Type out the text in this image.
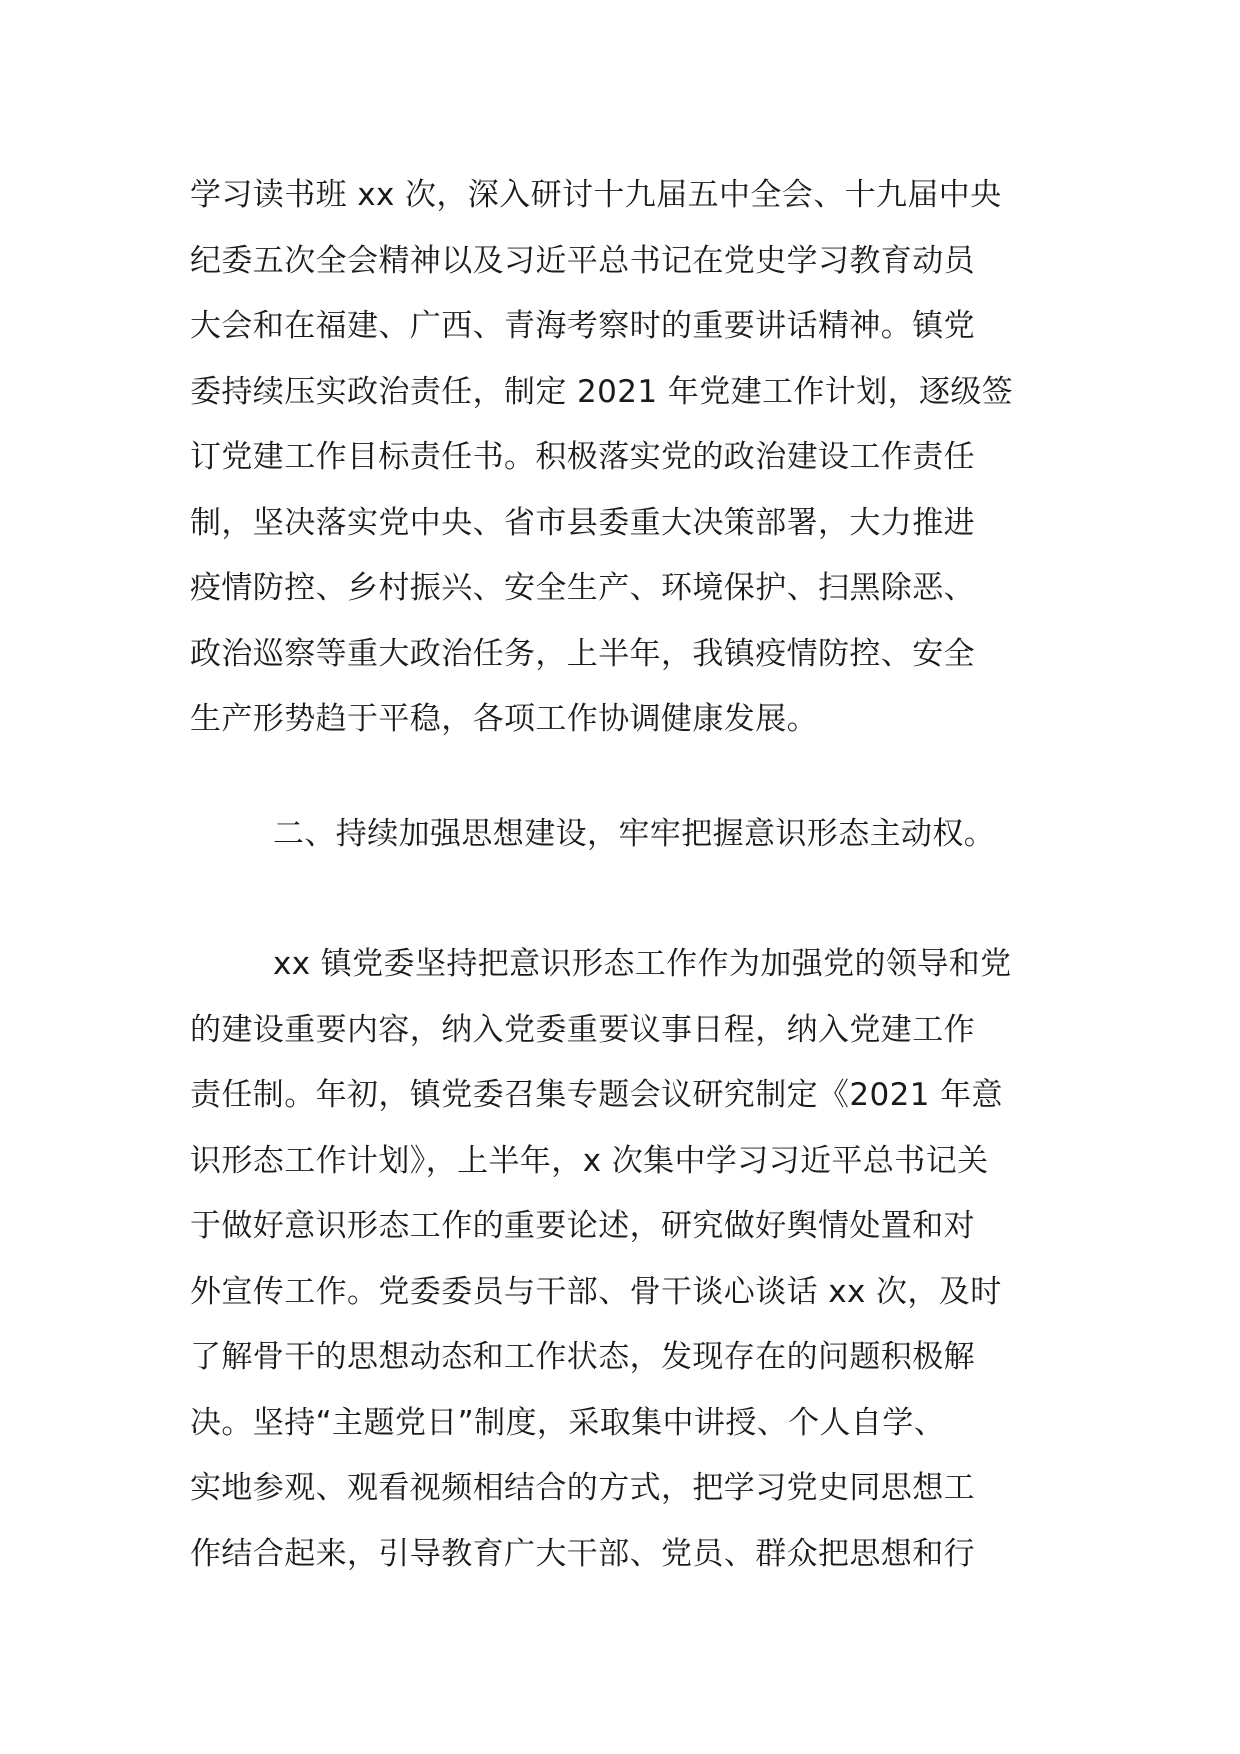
学习读书班 xx 次，深入研讨十九届五中全会、十九届中央
纪委五次全会精神以及习近平总书记在党史学习教育动员
大会和在福建、广西、青海考察时的重要讲话精神。镇党
委持续压实政治责任，制定 2021 年党建工作计划，逐级签
订党建工作目标责任书。积极落实党的政治建设工作责任
制，坚决落实党中央、省市县委重大决策部署，大力推进
疫情防控、乡村振兴、安全生产、环境保护、扫黑除恶、
政治巡察等重大政治任务，上半年，我镇疫情防控、安全
生产形势趋于平稳，各项工作协调健康发展。
二、持续加强思想建设，牢牢把握意识形态主动权。
xx 镇党委坚持把意识形态工作作为加强党的领导和党
的建设重要内容，纳入党委重要议事日程，纳入党建工作
责任制。年初，镇党委召集专题会议研究制定《2021 年意
识形态工作计划》，上半年，x 次集中学习习近平总书记关
于做好意识形态工作的重要论述，研究做好舆情处置和对
外宣传工作。党委委员与干部、骨干谈心谈话 xx 次，及时
了解骨干的思想动态和工作状态，发现存在的问题积极解
决。坚持“主题党日”制度，采取集中讲授、个人自学、
实地参观、观看视频相结合的方式，把学习党史同思想工
作结合起来，引导教育广大干部、党员、群众把思想和行
